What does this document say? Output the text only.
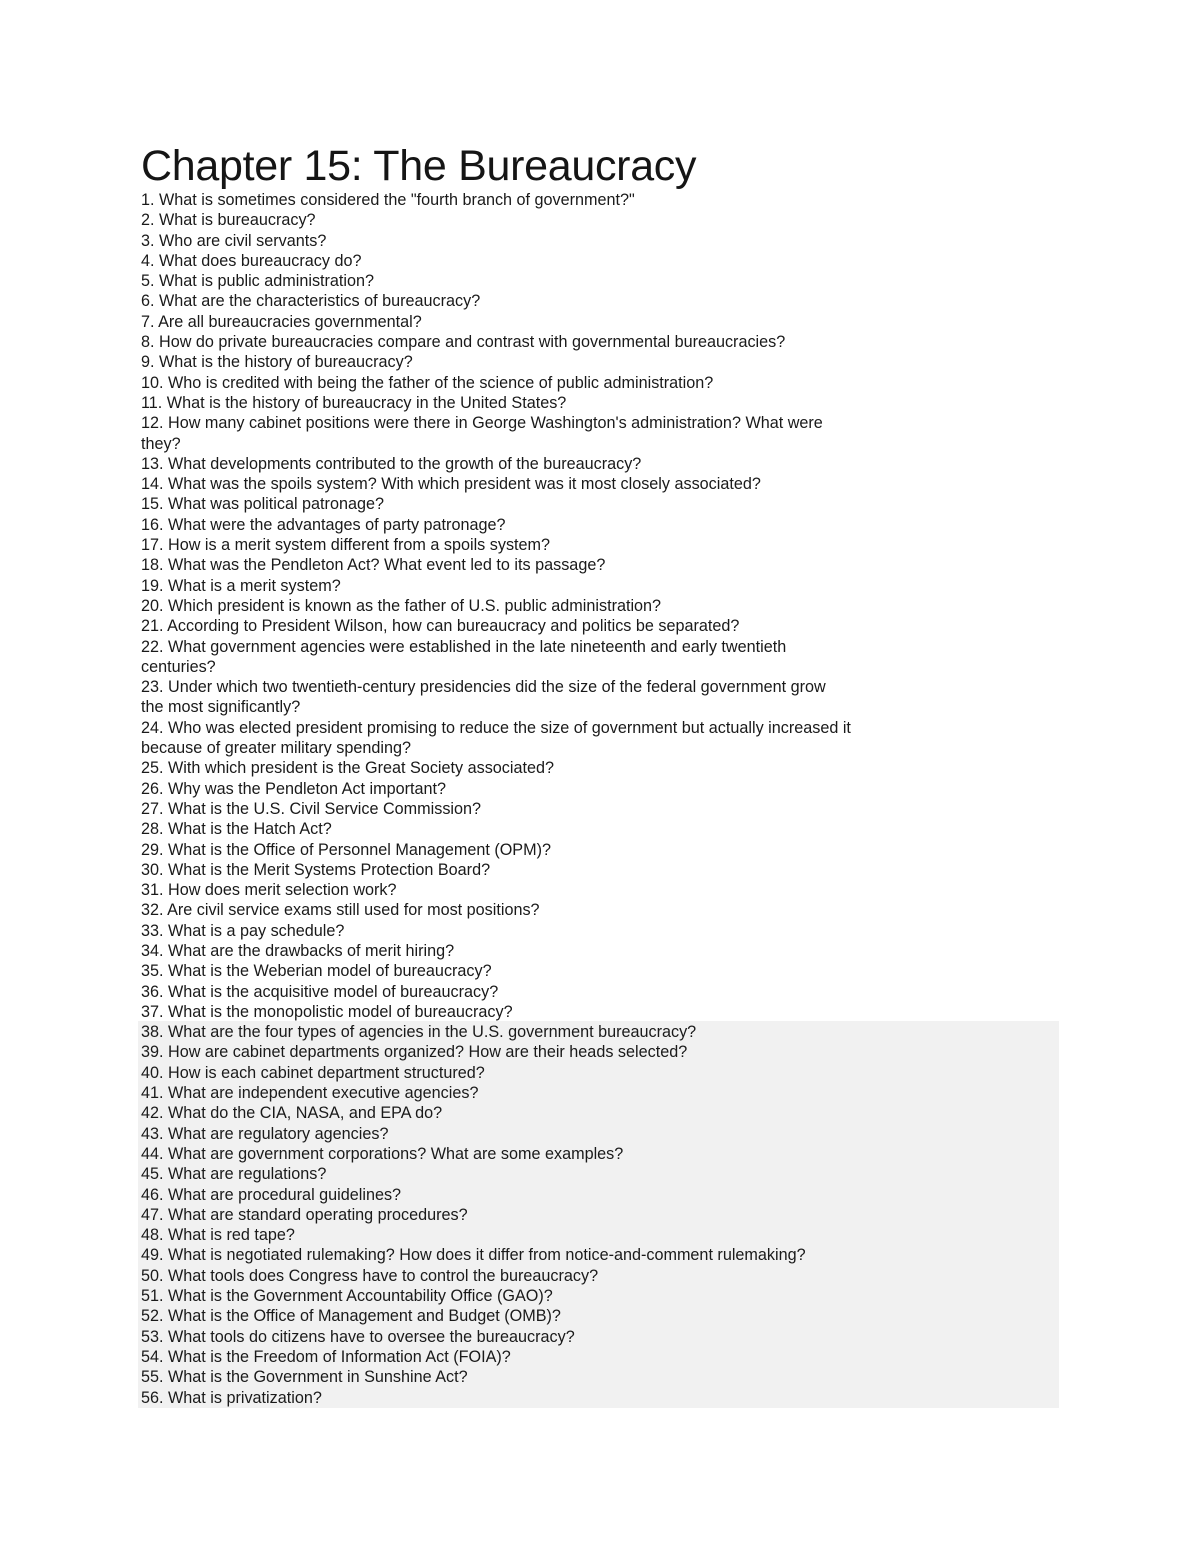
Chapter 15: The Bureaucracy
1. What is sometimes considered the "fourth branch of government?"
2. What is bureaucracy?
3. Who are civil servants?
4. What does bureaucracy do?
5. What is public administration?
6. What are the characteristics of bureaucracy?
7. Are all bureaucracies governmental?
8. How do private bureaucracies compare and contrast with governmental bureaucracies?
9. What is the history of bureaucracy?
10. Who is credited with being the father of the science of public administration?
11. What is the history of bureaucracy in the United States?
12. How many cabinet positions were there in George Washington's administration? What were
they?
13. What developments contributed to the growth of the bureaucracy?
14. What was the spoils system? With which president was it most closely associated?
15. What was political patronage?
16. What were the advantages of party patronage?
17. How is a merit system different from a spoils system?
18. What was the Pendleton Act? What event led to its passage?
19. What is a merit system?
20. Which president is known as the father of U.S. public administration?
21. According to President Wilson, how can bureaucracy and politics be separated?
22. What government agencies were established in the late nineteenth and early twentieth
centuries?
23. Under which two twentieth-century presidencies did the size of the federal government grow
the most significantly?
24. Who was elected president promising to reduce the size of government but actually increased it
because of greater military spending?
25. With which president is the Great Society associated?
26. Why was the Pendleton Act important?
27. What is the U.S. Civil Service Commission?
28. What is the Hatch Act?
29. What is the Office of Personnel Management (OPM)?
30. What is the Merit Systems Protection Board?
31. How does merit selection work?
32. Are civil service exams still used for most positions?
33. What is a pay schedule?
34. What are the drawbacks of merit hiring?
35. What is the Weberian model of bureaucracy?
36. What is the acquisitive model of bureaucracy?
37. What is the monopolistic model of bureaucracy?
38. What are the four types of agencies in the U.S. government bureaucracy?
39. How are cabinet departments organized? How are their heads selected?
40. How is each cabinet department structured?
41. What are independent executive agencies?
42. What do the CIA, NASA, and EPA do?
43. What are regulatory agencies?
44. What are government corporations? What are some examples?
45. What are regulations?
46. What are procedural guidelines?
47. What are standard operating procedures?
48. What is red tape?
49. What is negotiated rulemaking? How does it differ from notice-and-comment rulemaking?
50. What tools does Congress have to control the bureaucracy?
51. What is the Government Accountability Office (GAO)?
52. What is the Office of Management and Budget (OMB)?
53. What tools do citizens have to oversee the bureaucracy?
54. What is the Freedom of Information Act (FOIA)?
55. What is the Government in Sunshine Act?
56. What is privatization?
